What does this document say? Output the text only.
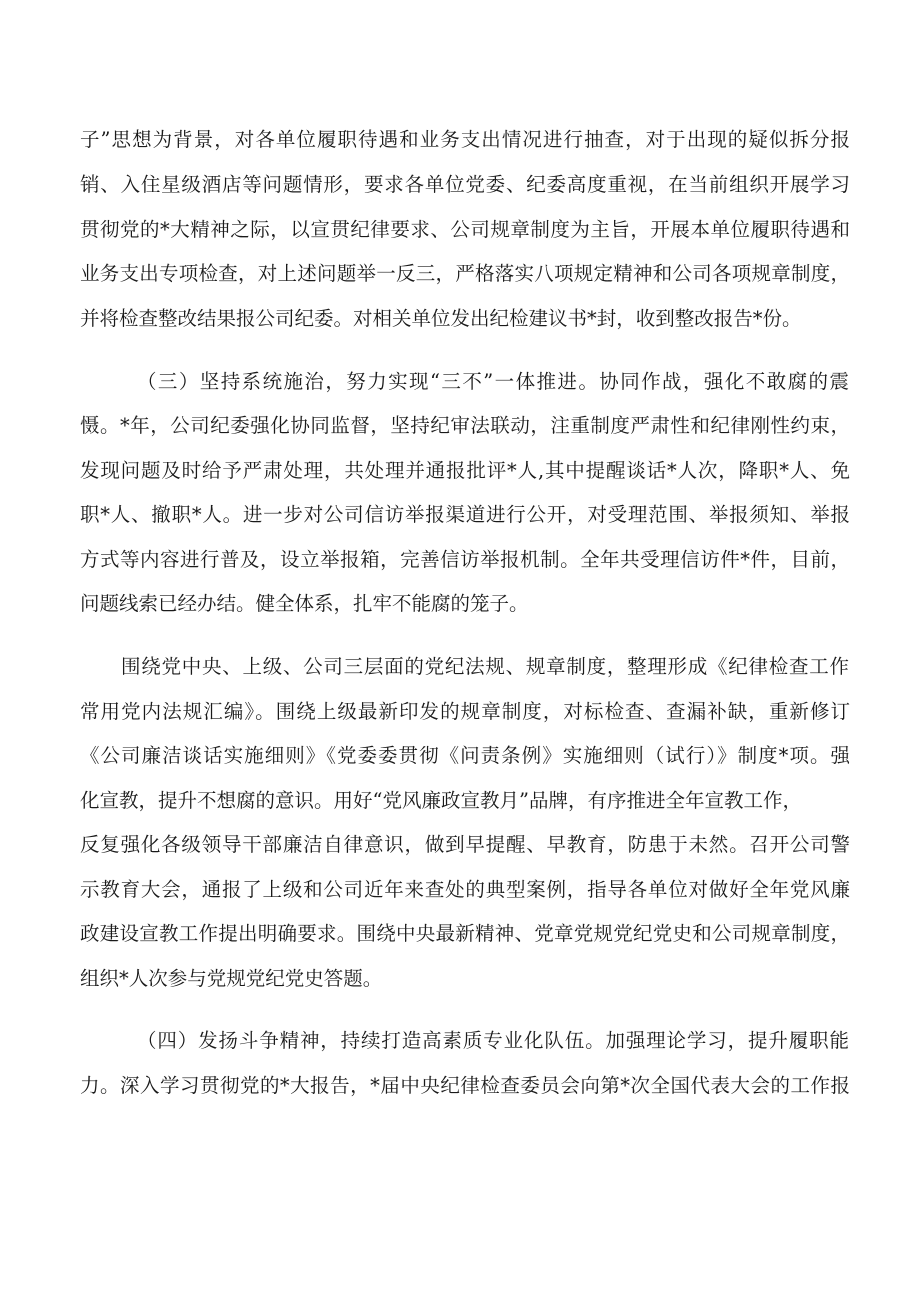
子”思想为背景，对各单位履职待遇和业务支出情况进行抽查，对于出现的疑似拆分报
销、入住星级酒店等问题情形，要求各单位党委、纪委高度重视，在当前组织开展学习
贯彻党的*大精神之际，以宣贯纪律要求、公司规章制度为主旨，开展本单位履职待遇和
业务支出专项检查，对上述问题举一反三，严格落实八项规定精神和公司各项规章制度，
并将检查整改结果报公司纪委。对相关单位发出纪检建议书*封，收到整改报告*份。
（三）坚持系统施治，努力实现“三不”一体推进。协同作战，强化不敢腐的震
慑。*年，公司纪委强化协同监督，坚持纪审法联动，注重制度严肃性和纪律刚性约束，
发现问题及时给予严肃处理，共处理并通报批评*人,其中提醒谈话*人次，降职*人、免
职*人、撤职*人。进一步对公司信访举报渠道进行公开，对受理范围、举报须知、举报
方式等内容进行普及，设立举报箱，完善信访举报机制。全年共受理信访件*件，目前，
问题线索已经办结。健全体系，扎牢不能腐的笼子。
围绕党中央、上级、公司三层面的党纪法规、规章制度，整理形成《纪律检查工作
常用党内法规汇编》。围绕上级最新印发的规章制度，对标检查、查漏补缺，重新修订
《公司廉洁谈话实施细则》《党委委贯彻《问责条例》实施细则（试行）》制度*项。强
化宣教，提升不想腐的意识。用好“党风廉政宣教月”品牌，有序推进全年宣教工作，
反复强化各级领导干部廉洁自律意识，做到早提醒、早教育，防患于未然。召开公司警
示教育大会，通报了上级和公司近年来查处的典型案例，指导各单位对做好全年党风廉
政建设宣教工作提出明确要求。围绕中央最新精神、党章党规党纪党史和公司规章制度，
组织*人次参与党规党纪党史答题。
（四）发扬斗争精神，持续打造高素质专业化队伍。加强理论学习，提升履职能
力。深入学习贯彻党的*大报告，*届中央纪律检查委员会向第*次全国代表大会的工作报
